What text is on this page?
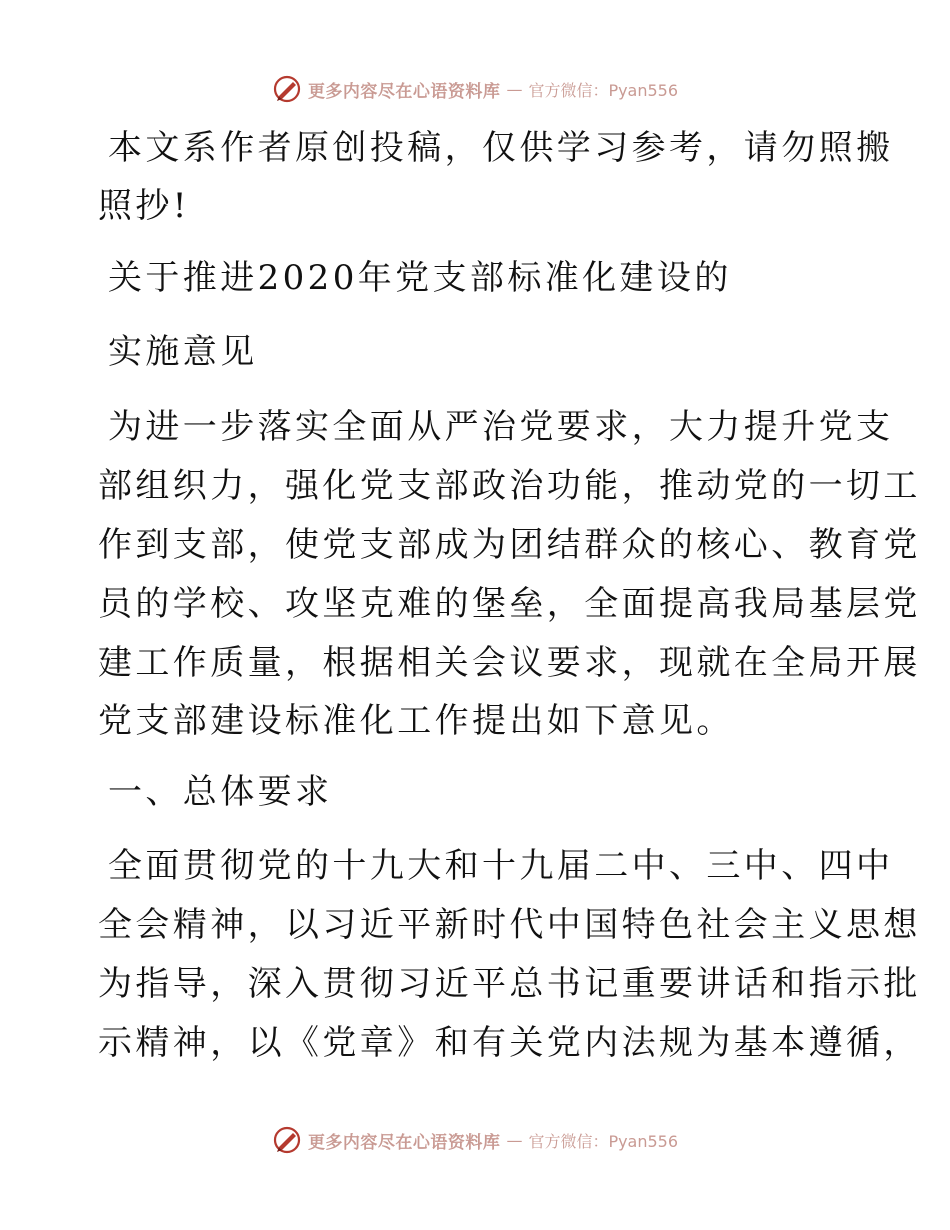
更多内容尽在心语资料库 — 官方微信：Pyan556
本文系作者原创投稿，仅供学习参考，请勿照搬
照抄!
关于推进2020年党支部标准化建设的
实施意见
为进一步落实全面从严治党要求，大力提升党支
部组织力，强化党支部政治功能，推动党的一切工
作到支部，使党支部成为团结群众的核心、教育党
员的学校、攻坚克难的堡垒，全面提高我局基层党
建工作质量，根据相关会议要求，现就在全局开展
党支部建设标准化工作提出如下意见。
一、总体要求
全面贯彻党的十九大和十九届二中、三中、四中
全会精神，以习近平新时代中国特色社会主义思想
为指导，深入贯彻习近平总书记重要讲话和指示批
示精神，以《党章》和有关党内法规为基本遵循，
更多内容尽在心语资料库 — 官方微信：Pyan556
